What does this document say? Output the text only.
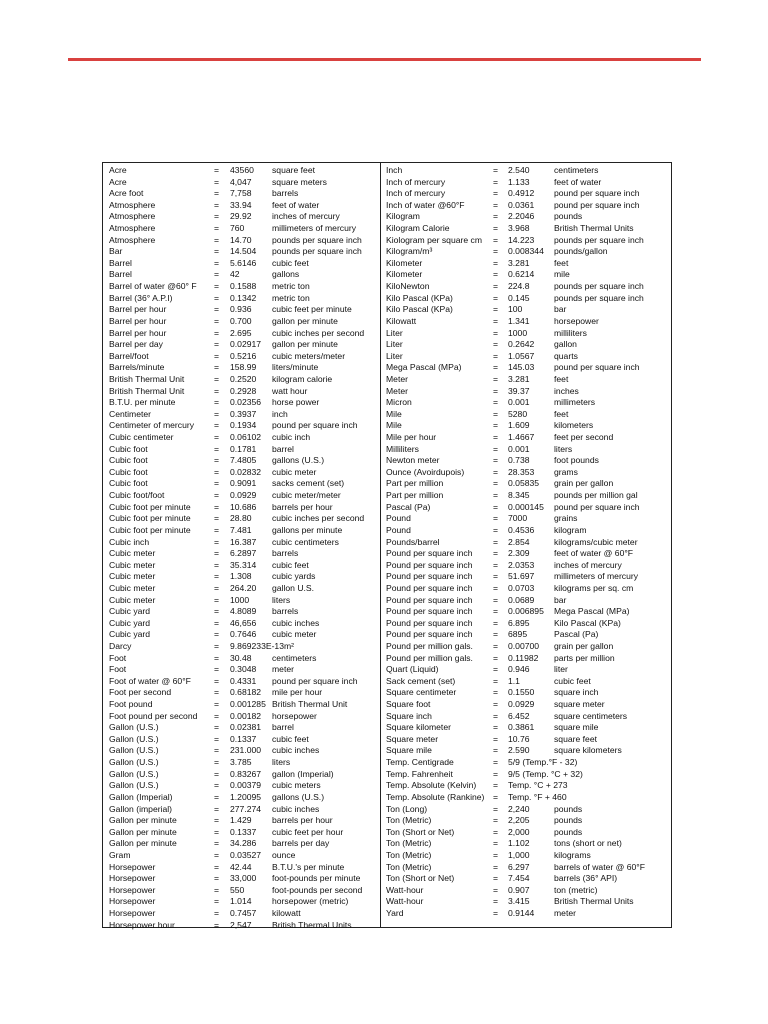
Acre	= 43560 square feet
Acre	= 4,047 square meters
Acre foot	= 7,758 barrels
Atmosphere	= 33.94 feet of water
Atmosphere	= 29.92 inches of mercury
Atmosphere	= 760	millimeters of mercury
Atmosphere	= 14.70 pounds per square inch
Bar	= 14.504 pounds per square inch
Barrel	= 5.6146 cubic feet
Barrel	= 42	gallons
Barrel of water @60° F = 0.1588 metric ton
Barrel (36° A.P.I)	= 0.1342 metric ton
Barrel per hour	= 0.936 cubic feet per minute
Barrel per hour	= 0.700 gallon per minute
Barrel per hour	= 2.695 cubic inches per second
Barrel per day	= 0.02917 gallon per minute
Barrel/foot	= 0.5216 cubic meters/meter
Barrels/minute	= 158.99 liters/minute
British Thermal Unit	= 0.2520 kilogram calorie
British Thermal Unit	= 0.2928 watt hour
B.T.U. per minute	= 0.02356 horse power
Centimeter	= 0.3937 inch
Centimeter of mercury = 0.1934 pound per square inch
Cubic centimeter	= 0.06102 cubic inch
Cubic foot	= 0.1781 barrel
Cubic foot	= 7.4805 gallons (U.S.)
Cubic foot	= 0.02832 cubic meter
Cubic foot	= 0.9091 sacks cement (set)
Cubic foot/foot	= 0.0929 cubic meter/meter
Cubic foot per minute	= 10.686 barrels per hour
Cubic foot per minute	= 28.80 cubic inches per second
Cubic foot per minute	= 7.481 gallons per minute
Cubic inch	= 16.387 cubic centimeters
Cubic meter	= 6.2897 barrels
Cubic meter	= 35.314 cubic feet
Cubic meter	= 1.308 cubic yards
Cubic meter	= 264.20 gallon U.S.
Cubic meter	= 1000	liters
Cubic yard	= 4.8089 barrels
Cubic yard	= 46,656 cubic inches
Cubic yard	= 0.7646 cubic meter
Darcy	= 9.869233E-13m²
Foot	= 30.48 centimeters
Foot	= 0.3048 meter
Foot of water @ 60°F	= 0.4331 pound per square inch
Foot per second	= 0.68182 mile per hour
Foot pound	= 0.001285 British Thermal Unit
Foot pound per second = 0.00182 horsepower
Gallon (U.S.)	= 0.02381 barrel
Gallon (U.S.)	= 0.1337 cubic feet
Gallon (U.S.)	= 231.000 cubic inches
Gallon (U.S.)	= 3.785 liters
Gallon (U.S.)	= 0.83267 gallon (Imperial)
Gallon (U.S.)	= 0.00379 cubic meters
Gallon (Imperial)	= 1.20095 gallons (U.S.)
Gallon (imperial)	= 277.274 cubic inches
Gallon per minute	= 1.429 barrels per hour
Gallon per minute	= 0.1337 cubic feet per hour
Gallon per minute	= 34.286 barrels per day
Gram	= 0.03527 ounce
Horsepower	= 42.44 B.T.U.'s per minute
Horsepower	= 33,000 foot-pounds per minute
Horsepower	= 550	foot-pounds per second
Horsepower	= 1.014 horsepower (metric)
Horsepower	= 0.7457 kilowatt
Horsepower hour	= 2,547 British Thermal Units
Inch	= 2.540	centimeters
Inch of mercury	= 1.133	feet of water
Inch of mercury	= 0.4912 pound per square inch
Inch of water @60°F	= 0.0361 pound per square inch
Kilogram	= 2.2046 pounds
Kilogram Calorie	= 3.968	British Thermal Units
Kiologram per square cm = 14.223 pounds per square inch
Kilogram/m³	= 0.008344 pounds/gallon
Kilometer	= 3.281	feet
Kilometer	= 0.6214 mile
KiloNewton	= 224.8	pounds per square inch
Kilo Pascal (KPa)	= 0.145	pounds per square inch
Kilo Pascal (KPa)	= 100	bar
Kilowatt	= 1.341	horsepower
Liter	= 1000	milliliters
Liter	= 0.2642 gallon
Liter	= 1.0567 quarts
Mega Pascal (MPa)	= 145.03 pound per square inch
Meter	= 3.281	feet
Meter	= 39.37	inches
Micron	= 0.001	millimeters
Mile	= 5280	feet
Mile	= 1.609	kilometers
Mile per hour	= 1.4667 feet per second
Milliliters	= 0.001	liters
Newton meter	= 0.738	foot pounds
Ounce (Avoirdupois)	= 28.353 grams
Part per million	= 0.05835 grain per gallon
Part per million	= 8.345	pounds per million gal
Pascal (Pa)	= 0.000145 pound per square inch
Pound	= 7000	grains
Pound	= 0.4536 kilogram
Pounds/barrel	= 2.854	kilograms/cubic meter
Pound per square inch = 2.309	feet of water @ 60°F
Pound per square inch = 2.0353 inches of mercury
Pound per square inch = 51.697 millimeters of mercury
Pound per square inch = 0.0703 kilograms per sq. cm
Pound per square inch = 0.0689 bar
Pound per square inch = 0.006895 Mega Pascal (MPa)
Pound per square inch = 6.895	Kilo Pascal (KPa)
Pound per square inch = 6895	Pascal (Pa)
Pound per million gals. = 0.00700 grain per gallon
Pound per million gals. = 0.11982 parts per million
Quart (Liquid)	= 0.946	liter
Sack cement (set)	= 1.1	cubic feet
Square centimeter	= 0.1550 square inch
Square foot	= 0.0929 square meter
Square inch	= 6.452	square centimeters
Square kilometer	= 0.3861 square mile
Square meter	= 10.76	square feet
Square mile	= 2.590	square kilometers
Temp. Centigrade	= 5/9 (Temp.°F - 32)
Temp. Fahrenheit	= 9/5 (Temp. °C + 32)
Temp. Absolute (Kelvin) = Temp. °C + 273
Temp. Absolute (Rankine) = Temp. °F + 460
Ton (Long)	= 2,240	pounds
Ton (Metric)	= 2,205	pounds
Ton (Short or Net)	= 2,000	pounds
Ton (Metric)	= 1.102	tons (short or net)
Ton (Metric)	= 1,000	kilograms
Ton (Metric)	= 6.297	barrels of water @ 60°F
Ton (Short or Net)	= 7.454	barrels (36° API)
Watt-hour	= 0.907	ton (metric)
Watt-hour	= 3.415	British Thermal Units
Yard	= 0.9144 meter
